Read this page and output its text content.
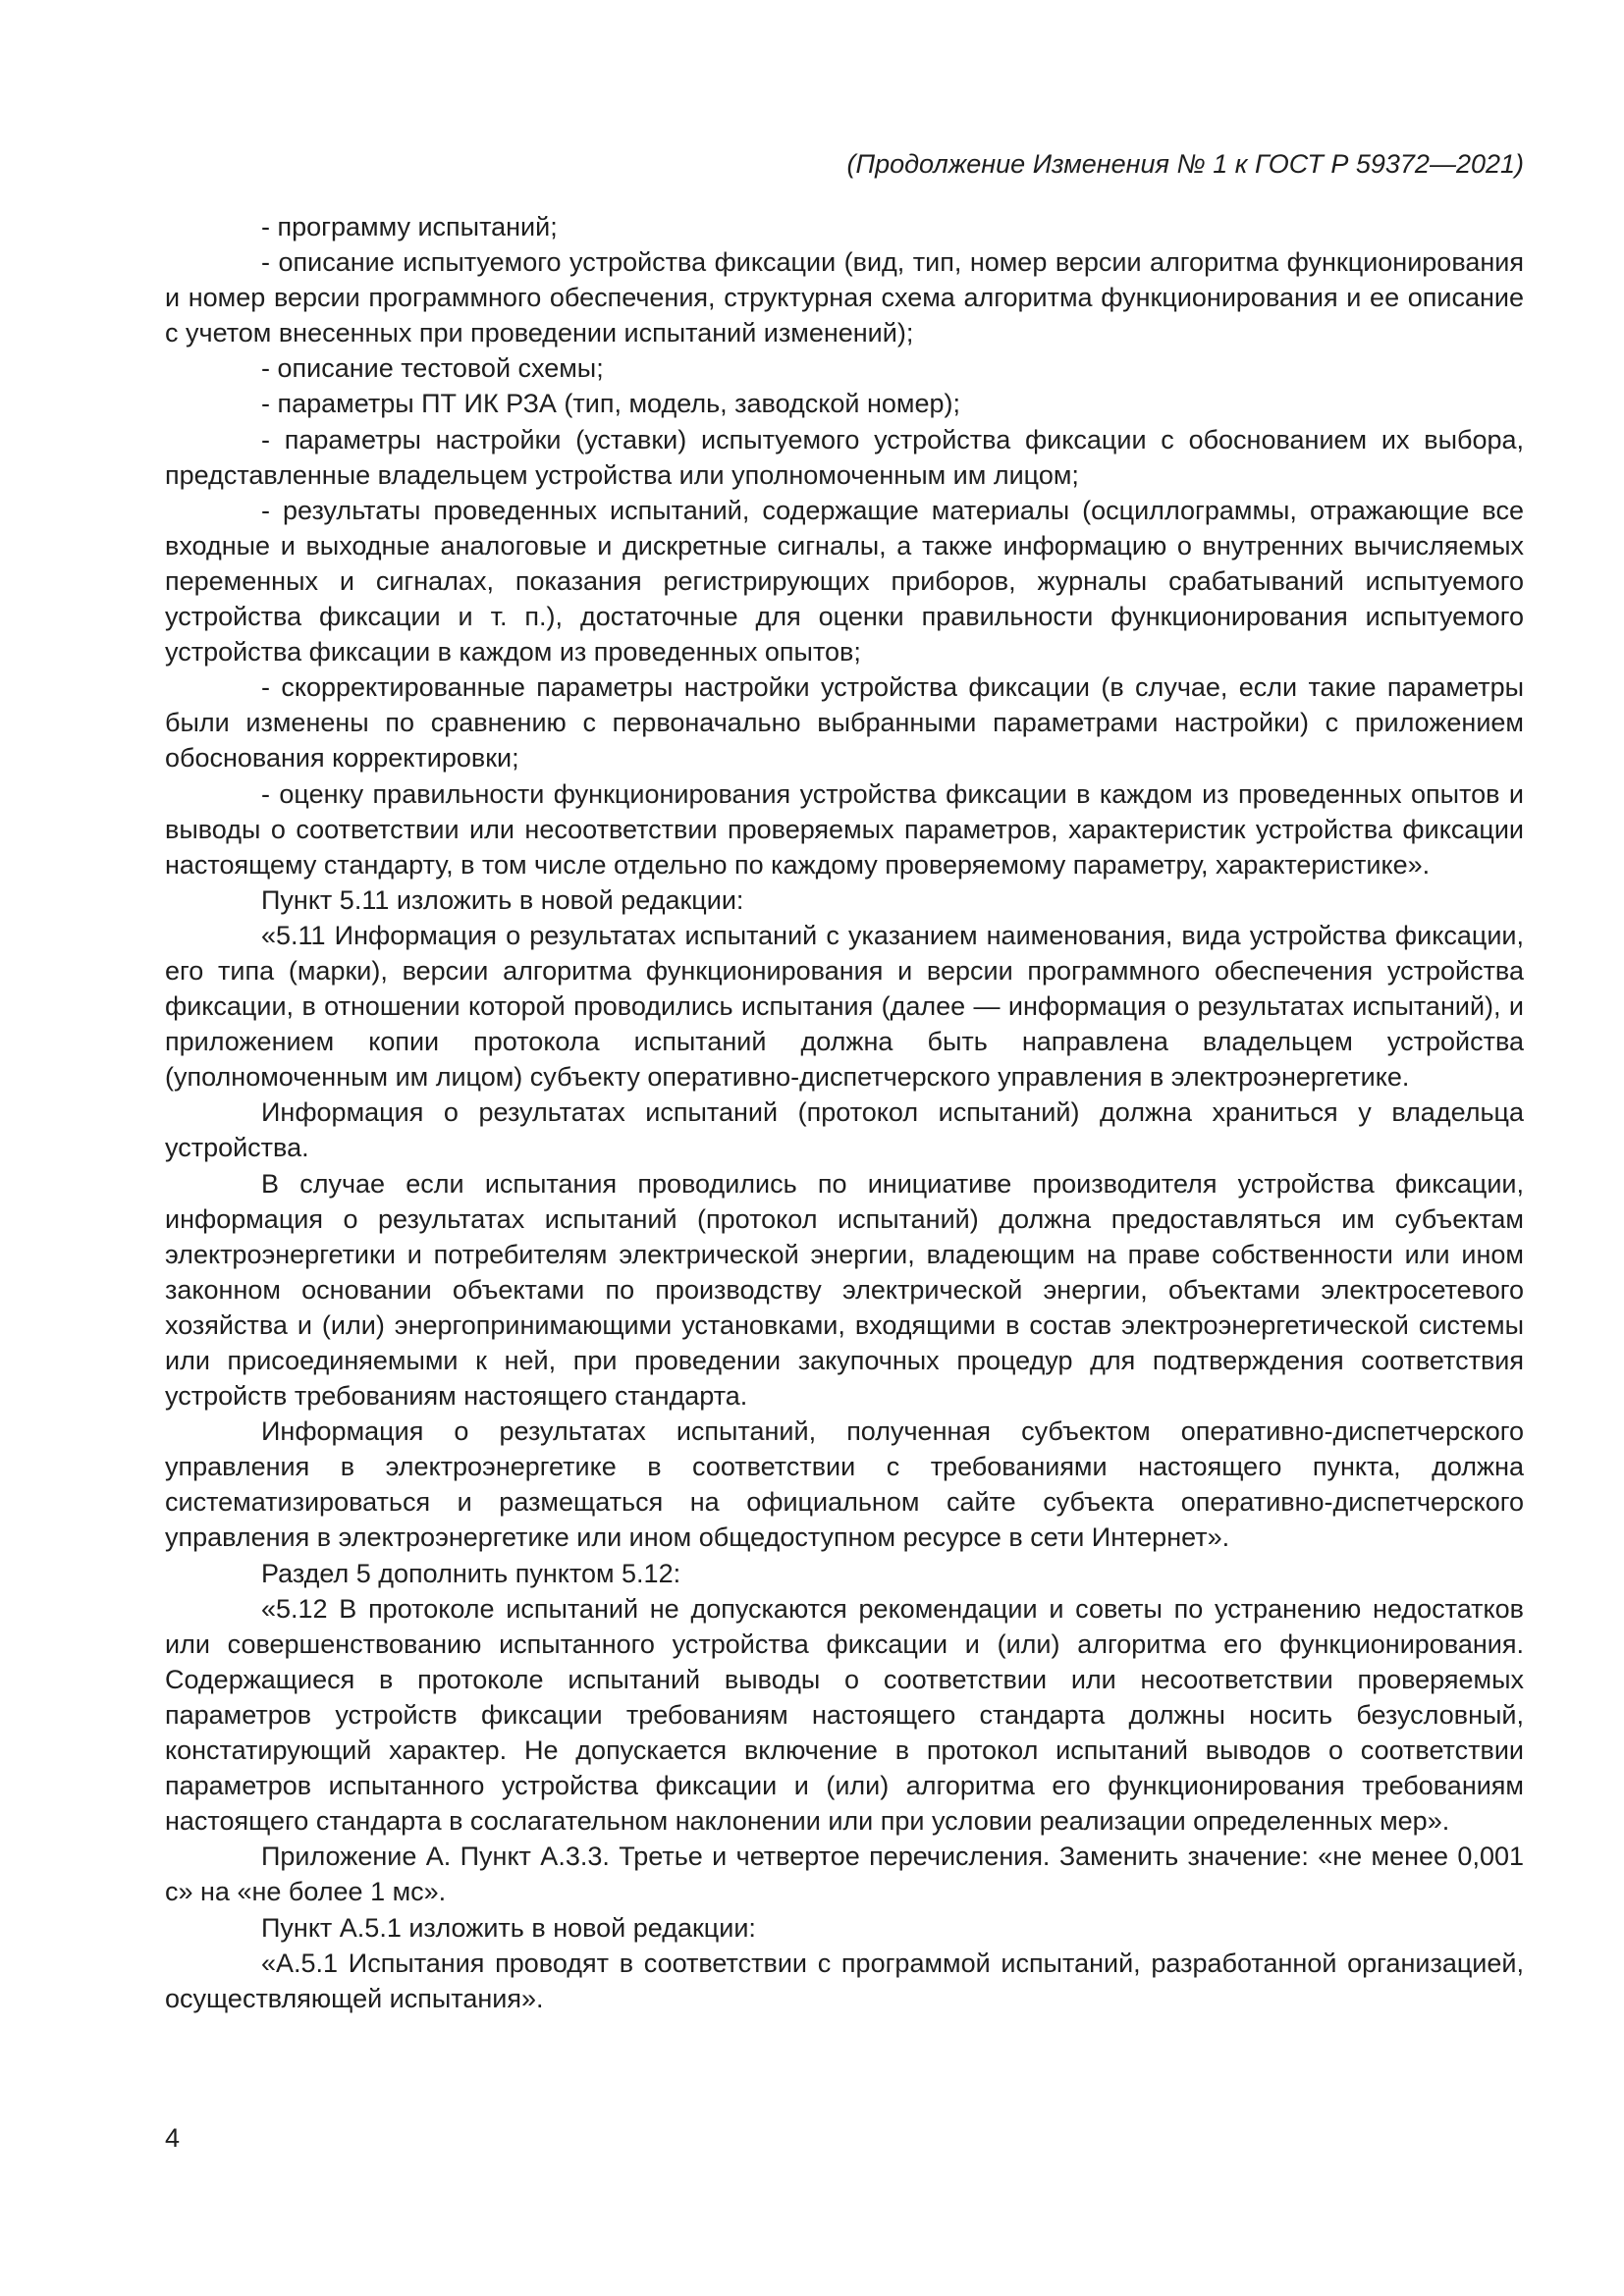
(Продолжение Изменения № 1 к ГОСТ Р 59372—2021)

- программу испытаний;

- описание испытуемого устройства фиксации (вид, тип, номер версии алгоритма функционирования и номер версии программного обеспечения, структурная схема алгоритма функционирования и ее описание с учетом внесенных при проведении испытаний изменений);

- описание тестовой схемы;

- параметры ПТ ИК РЗА (тип, модель, заводской номер);

- параметры настройки (уставки) испытуемого устройства фиксации с обоснованием их выбора, представленные владельцем устройства или уполномоченным им лицом;

- результаты проведенных испытаний, содержащие материалы (осциллограммы, отражающие все входные и выходные аналоговые и дискретные сигналы, а также информацию о внутренних вычисляемых переменных и сигналах, показания регистрирующих приборов, журналы срабатываний испытуемого устройства фиксации и т. п.), достаточные для оценки правильности функционирования испытуемого устройства фиксации в каждом из проведенных опытов;

- скорректированные параметры настройки устройства фиксации (в случае, если такие параметры были изменены по сравнению с первоначально выбранными параметрами настройки) с приложением обоснования корректировки;

- оценку правильности функционирования устройства фиксации в каждом из проведенных опытов и выводы о соответствии или несоответствии проверяемых параметров, характеристик устройства фиксации настоящему стандарту, в том числе отдельно по каждому проверяемому параметру, характеристике».

Пункт 5.11 изложить в новой редакции:

«5.11 Информация о результатах испытаний с указанием наименования, вида устройства фиксации, его типа (марки), версии алгоритма функционирования и версии программного обеспечения устройства фиксации, в отношении которой проводились испытания (далее — информация о результатах испытаний), и приложением копии протокола испытаний должна быть направлена владельцем устройства (уполномоченным им лицом) субъекту оперативно-диспетчерского управления в электроэнергетике.

Информация о результатах испытаний (протокол испытаний) должна храниться у владельца устройства.

В случае если испытания проводились по инициативе производителя устройства фиксации, информация о результатах испытаний (протокол испытаний) должна предоставляться им субъектам электроэнергетики и потребителям электрической энергии, владеющим на праве собственности или ином законном основании объектами по производству электрической энергии, объектами электросетевого хозяйства и (или) энергопринимающими установками, входящими в состав электроэнергетической системы или присоединяемыми к ней, при проведении закупочных процедур для подтверждения соответствия устройств требованиям настоящего стандарта.

Информация о результатах испытаний, полученная субъектом оперативно-диспетчерского управления в электроэнергетике в соответствии с требованиями настоящего пункта, должна систематизироваться и размещаться на официальном сайте субъекта оперативно-диспетчерского управления в электроэнергетике или ином общедоступном ресурсе в сети Интернет».

Раздел 5 дополнить пунктом 5.12:

«5.12 В протоколе испытаний не допускаются рекомендации и советы по устранению недостатков или совершенствованию испытанного устройства фиксации и (или) алгоритма его функционирования. Содержащиеся в протоколе испытаний выводы о соответствии или несоответствии проверяемых параметров устройств фиксации требованиям настоящего стандарта должны носить безусловный, констатирующий характер. Не допускается включение в протокол испытаний выводов о соответствии параметров испытанного устройства фиксации и (или) алгоритма его функционирования требованиям настоящего стандарта в сослагательном наклонении или при условии реализации определенных мер».

Приложение А. Пункт А.3.3. Третье и четвертое перечисления. Заменить значение: «не менее 0,001 с» на «не более 1 мс».

Пункт А.5.1 изложить в новой редакции:

«А.5.1 Испытания проводят в соответствии с программой испытаний, разработанной организацией, осуществляющей испытания».

4
